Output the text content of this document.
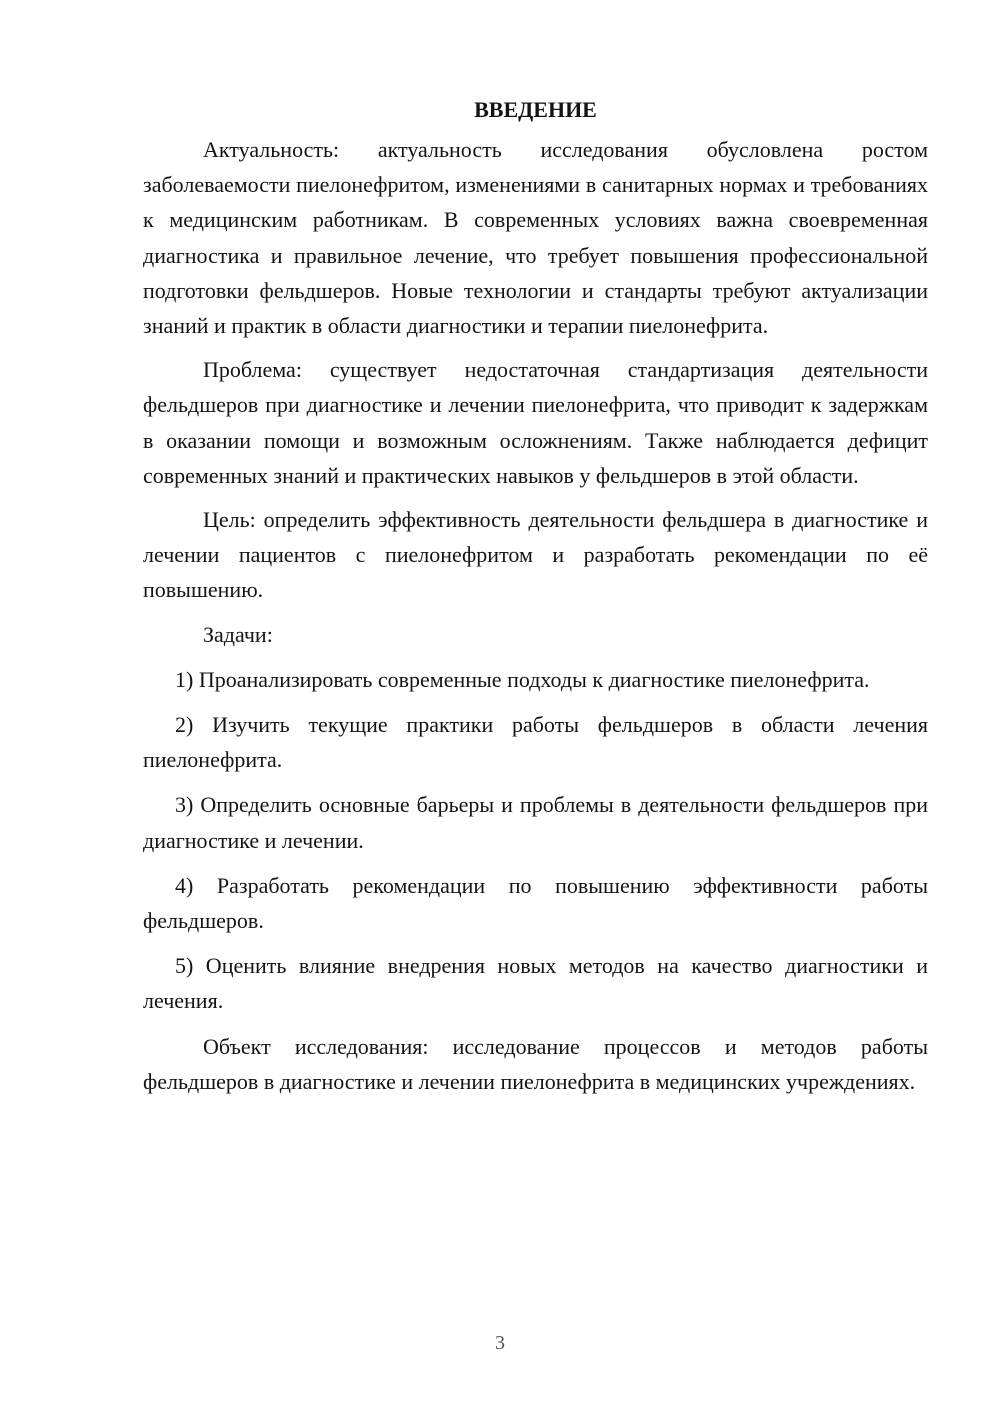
ВВЕДЕНИЕ

Актуальность: актуальность исследования обусловлена ростом заболеваемости пиелонефритом, изменениями в санитарных нормах и требованиях к медицинским работникам. В современных условиях важна своевременная диагностика и правильное лечение, что требует повышения профессиональной подготовки фельдшеров. Новые технологии и стандарты требуют актуализации знаний и практик в области диагностики и терапии пиелонефрита.

Проблема: существует недостаточная стандартизация деятельности фельдшеров при диагностике и лечении пиелонефрита, что приводит к задержкам в оказании помощи и возможным осложнениям. Также наблюдается дефицит современных знаний и практических навыков у фельдшеров в этой области.

Цель: определить эффективность деятельности фельдшера в диагностике и лечении пациентов с пиелонефритом и разработать рекомендации по её повышению.

Задачи:

1) Проанализировать современные подходы к диагностике пиелонефрита.

2) Изучить текущие практики работы фельдшеров в области лечения пиелонефрита.

3) Определить основные барьеры и проблемы в деятельности фельдшеров при диагностике и лечении.

4) Разработать рекомендации по повышению эффективности работы фельдшеров.

5) Оценить влияние внедрения новых методов на качество диагностики и лечения.

Объект исследования: исследование процессов и методов работы фельдшеров в диагностике и лечении пиелонефрита в медицинских учреждениях.

3
